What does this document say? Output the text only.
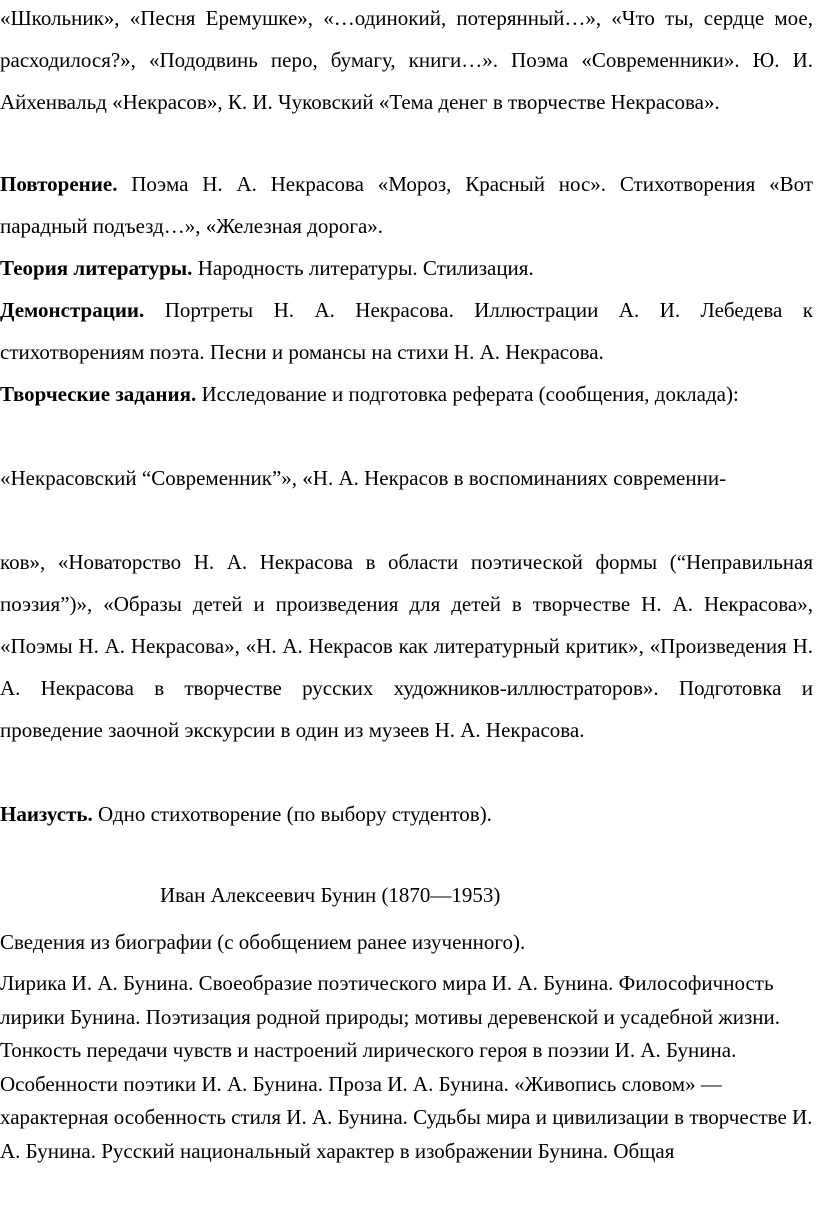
«Школьник», «Песня Еремушке», «…одинокий, потерянный…», «Что ты, сердце мое, расходилося?», «Пододвинь перо, бумагу, книги…». Поэма «Современники». Ю. И. Айхенвальд «Некрасов», К. И. Чуковский «Тема денег в творчестве Некрасова».

Повторение. Поэма Н. А. Некрасова «Мороз, Красный нос». Стихотворения «Вот парадный подъезд…», «Железная дорога».

Теория литературы. Народность литературы. Стилизация.

Демонстрации. Портреты Н. А. Некрасова. Иллюстрации А. И. Лебедева к стихотворениям поэта. Песни и романсы на стихи Н. А. Некрасова.

Творческие задания. Исследование и подготовка реферата (сообщения, доклада):

«Некрасовский “Современник”», «Н. А. Некрасов в воспоминаниях современни-

ков», «Новаторство Н. А. Некрасова в области поэтической формы (“Неправильная поэзия”)», «Образы детей и произведения для детей в творчестве Н. А. Некрасова», «Поэмы Н. А. Некрасова», «Н. А. Некрасов как литературный критик», «Произведения Н. А. Некрасова в творчестве русских художников-иллюстраторов». Подготовка и проведение заочной экскурсии в один из музеев Н. А. Некрасова.

Наизусть. Одно стихотворение (по выбору студентов).

Иван Алексеевич Бунин (1870—1953)

Сведения из биографии (с обобщением ранее изученного).

Лирика И. А. Бунина. Своеобразие поэтического мира И. А. Бунина. Философичность лирики Бунина. Поэтизация родной природы; мотивы деревенской и усадебной жизни. Тонкость передачи чувств и настроений лирического героя в поэзии И. А. Бунина. Особенности поэтики И. А. Бунина. Проза И. А. Бунина. «Живопись словом» — характерная особенность стиля И. А. Бунина. Судьбы мира и цивилизации в творчестве И. А. Бунина. Русский национальный характер в изображении Бунина. Общая
